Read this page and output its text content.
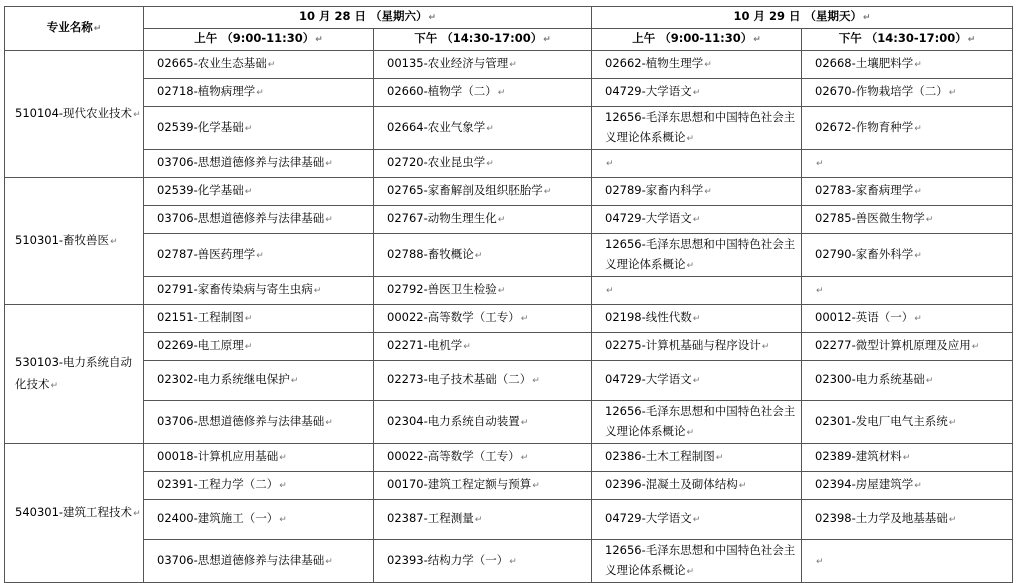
专业名称↵	10 月 28 日 （星期六）↵		10 月 29 日 （星期天）↵	
	上午 （9:00-11:30）↵	下午 （14:30-17:00）↵	上午 （9:00-11:30）↵	下午 （14:30-17:00）↵
510104-现代农业技术↵	02665-农业生态基础↵	00135-农业经济与管理↵	02662-植物生理学↵	02668-土壤肥料学↵
	02718-植物病理学↵	02660-植物学（二）↵	04729-大学语文↵	02670-作物栽培学（二）↵
	02539-化学基础↵	02664-农业气象学↵	12656-毛泽东思想和中国特色社会主义理论体系概论↵	02672-作物育种学↵
	03706-思想道德修养与法律基础↵	02720-农业昆虫学↵	↵	↵
510301-畜牧兽医↵	02539-化学基础↵	02765-家畜解剖及组织胚胎学↵	02789-家畜内科学↵	02783-家畜病理学↵
	03706-思想道德修养与法律基础↵	02767-动物生理生化↵	04729-大学语文↵	02785-兽医微生物学↵
	02787-兽医药理学↵	02788-畜牧概论↵	12656-毛泽东思想和中国特色社会主义理论体系概论↵	02790-家畜外科学↵
	02791-家畜传染病与寄生虫病↵	02792-兽医卫生检验↵	↵	↵
530103-电力系统自动化技术↵	02151-工程制图↵	00022-高等数学（工专）↵	02198-线性代数↵	00012-英语（一）↵
	02269-电工原理↵	02271-电机学↵	02275-计算机基础与程序设计↵	02277-微型计算机原理及应用↵
	02302-电力系统继电保护↵	02273-电子技术基础（二）↵	04729-大学语文↵	02300-电力系统基础↵
	03706-思想道德修养与法律基础↵	02304-电力系统自动装置↵	12656-毛泽东思想和中国特色社会主义理论体系概论↵	02301-发电厂电气主系统↵
540301-建筑工程技术↵	00018-计算机应用基础↵	00022-高等数学（工专）↵	02386-土木工程制图↵	02389-建筑材料↵
	02391-工程力学（二）↵	00170-建筑工程定额与预算↵	02396-混凝土及砌体结构↵	02394-房屋建筑学↵
	02400-建筑施工（一）↵	02387-工程测量↵	04729-大学语文↵	02398-土力学及地基基础↵
	03706-思想道德修养与法律基础↵	02393-结构力学（一）↵	12656-毛泽东思想和中国特色社会主义理论体系概论↵	↵
